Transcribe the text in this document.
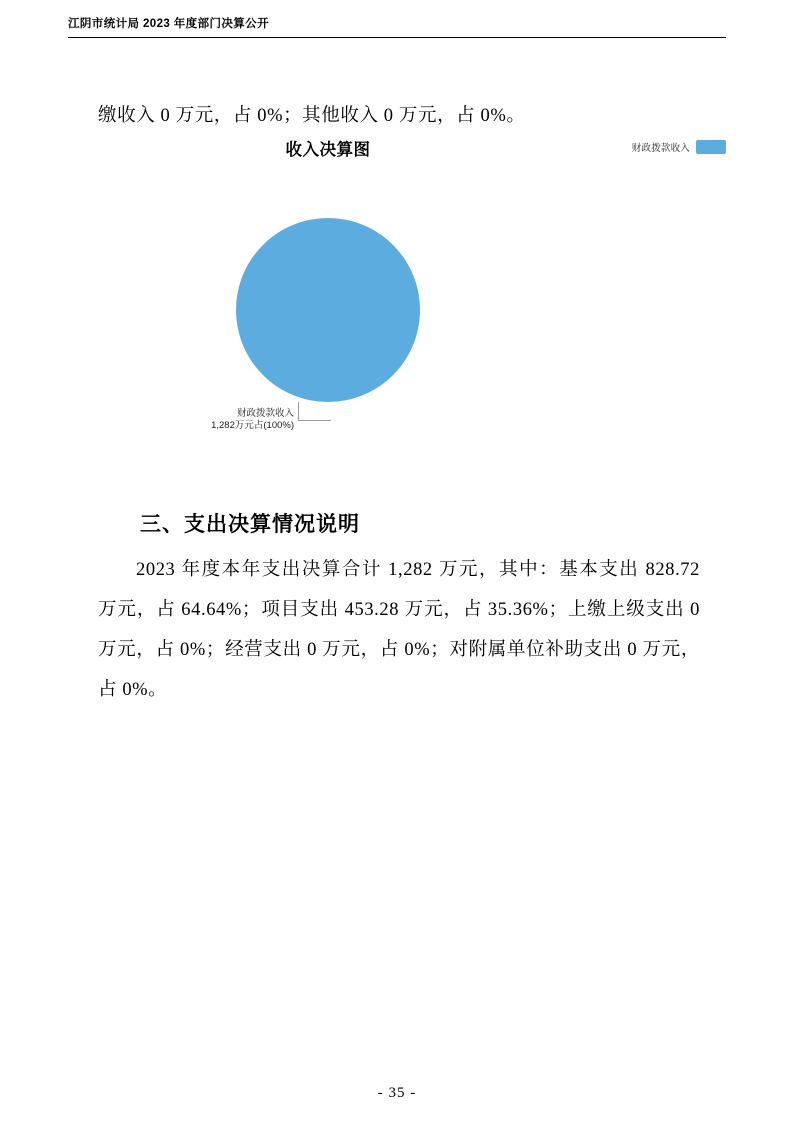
江阴市统计局 2023 年度部门决算公开
缴收入 0 万元，占 0%；其他收入 0 万元，占 0%。
收入决算图	财政拨款收入
财政拨款收入
1,282万元占(100%)
三、支出决算情况说明
2023 年度本年支出决算合计 1,282 万元，其中：基本支出 828.72 万元，占 64.64%；项目支出 453.28 万元，占 35.36%；上缴上级支出 0 万元，占 0%；经营支出 0 万元，占 0%；对附属单位补助支出 0 万元，占 0%。
- 35 -
